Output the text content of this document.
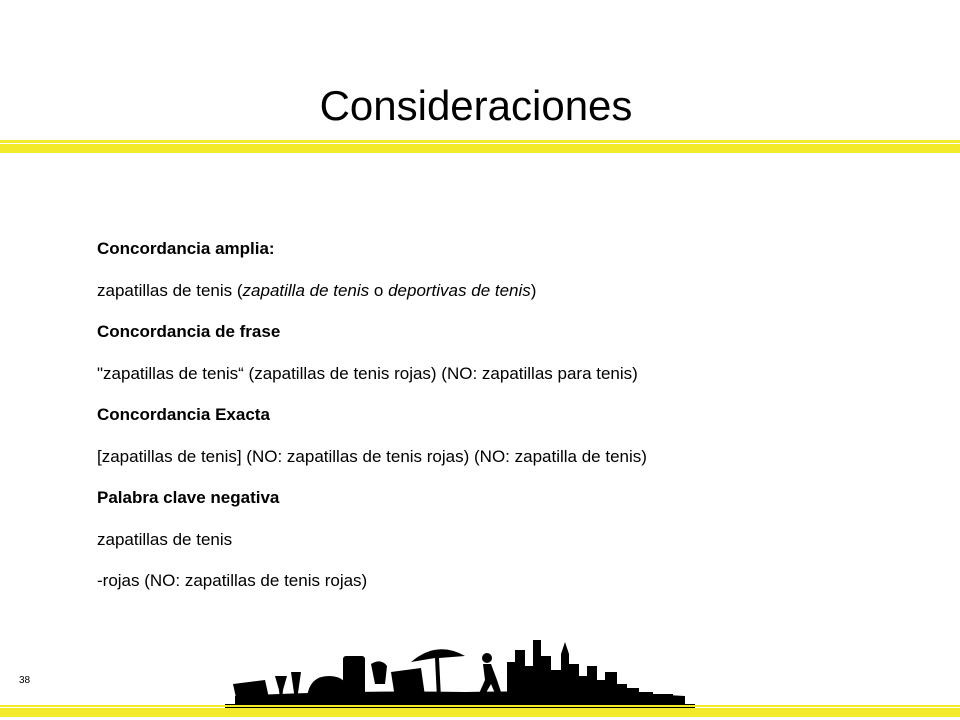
Consideraciones
Concordancia amplia:
zapatillas de tenis (zapatilla de tenis o deportivas de tenis)
Concordancia de frase
"zapatillas de tenis“ (zapatillas de tenis rojas) (NO: zapatillas para tenis)
Concordancia Exacta
[zapatillas de tenis] (NO: zapatillas de tenis rojas) (NO: zapatilla de tenis)
Palabra clave negativa
zapatillas de tenis
-rojas (NO: zapatillas de tenis rojas)
38
